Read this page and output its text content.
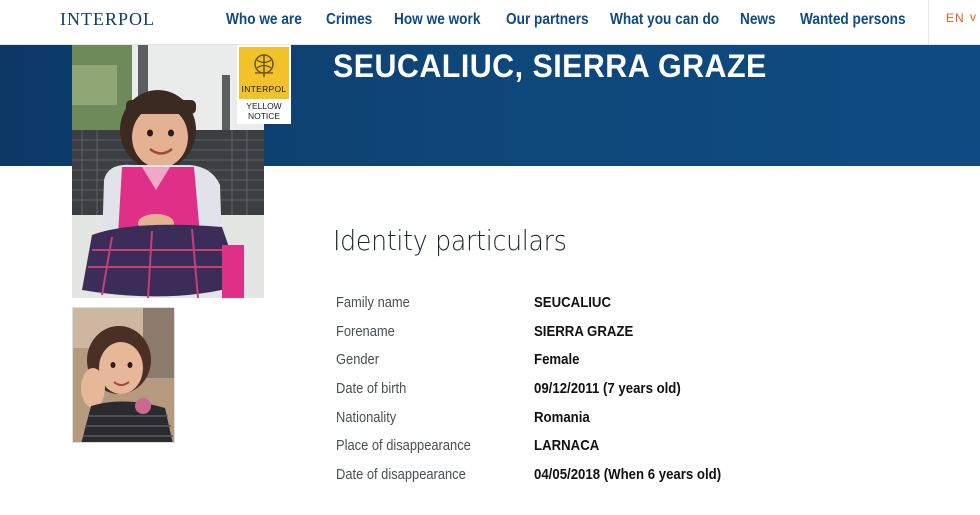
INTERPOL	Who we are Crimes How we work Our partners What you can do News Wanted persons	EN v
SEUCALIUC, SIERRA GRAZE
INTERPOL
YELLOW
NOTICE
Identity particulars
Family name	SEUCALIUC
Forename	SIERRA GRAZE
Gender	Female
Date of birth	09/12/2011 (7 years old)
Nationality	Romania
Place of disappearance	LARNACA
Date of disappearance	04/05/2018 (When 6 years old)
